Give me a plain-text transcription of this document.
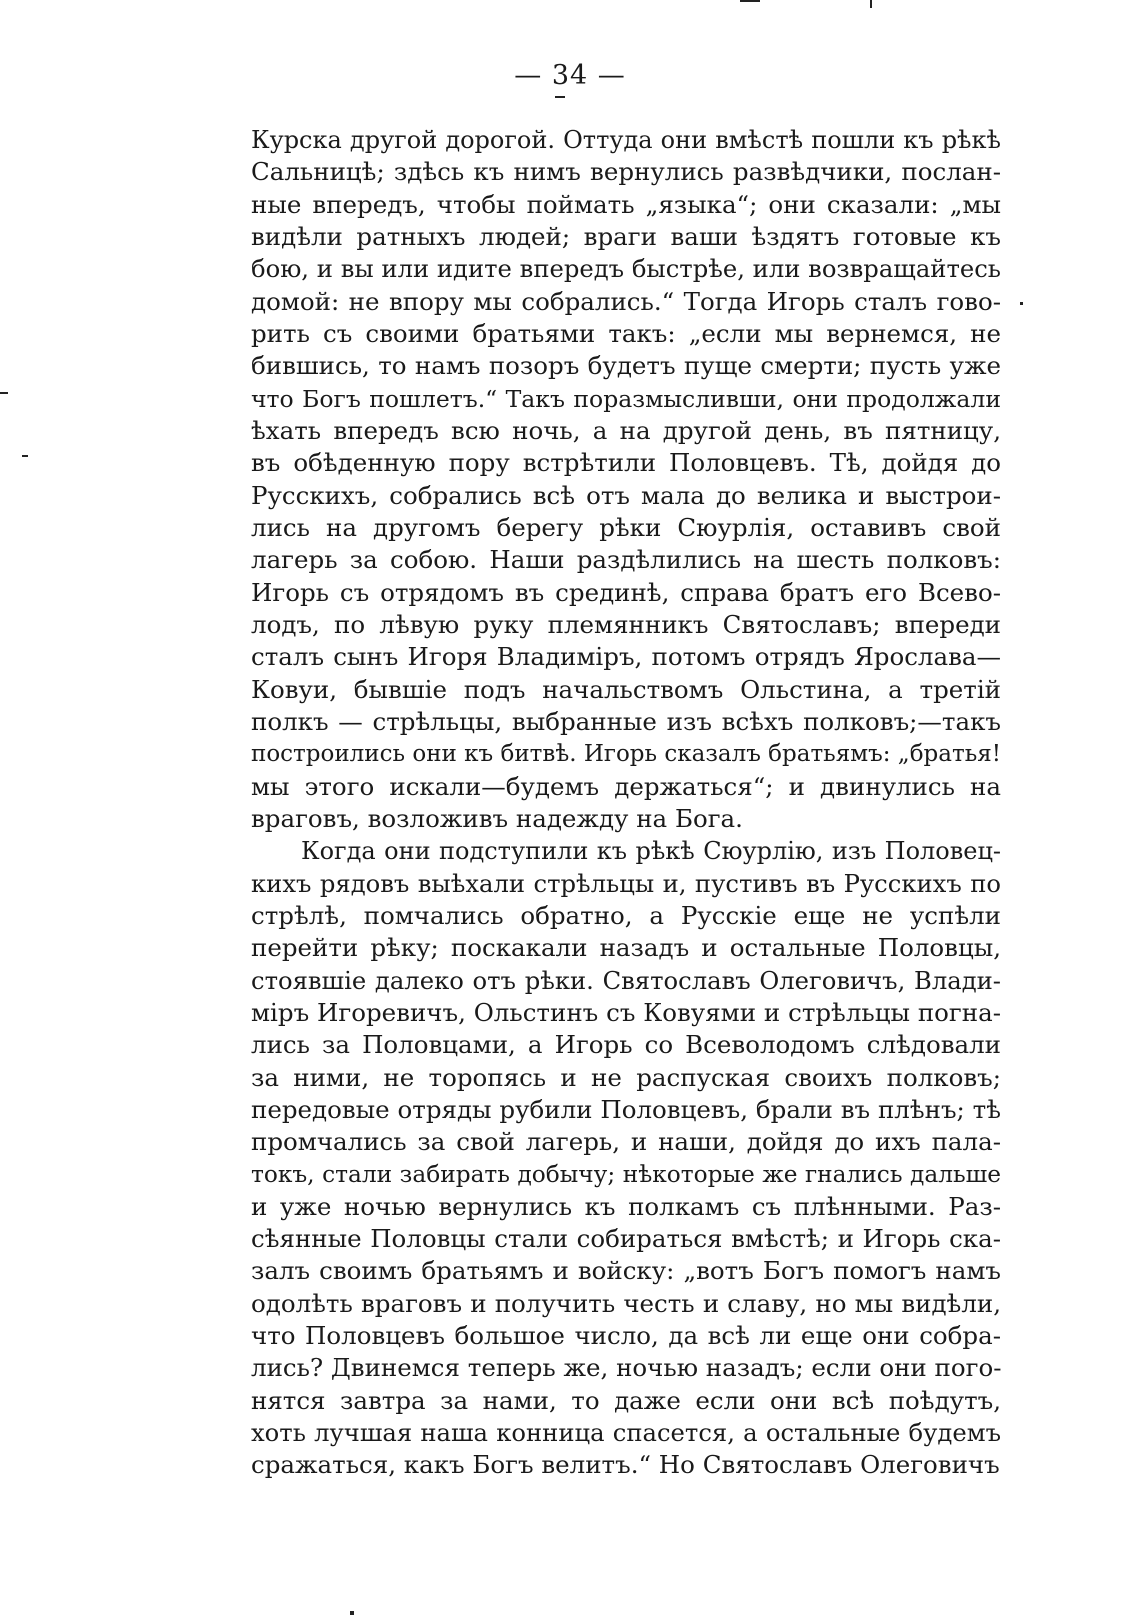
— 34 —
Курска другой дорогой. Оттуда они вмѣстѣ пошли къ рѣкѣ
Сальницѣ; здѣсь къ нимъ вернулись развѣдчики, послан-
ные впередъ, чтобы поймать „языка“; они сказали: „мы
видѣли ратныхъ людей; враги ваши ѣздятъ готовые къ
бою, и вы или идите впередъ быстрѣе, или возвращайтесь
домой: не впору мы собрались.“ Тогда Игорь сталъ гово-
рить съ своими братьями такъ: „если мы вернемся, не
бившись, то намъ позоръ будетъ пуще смерти; пусть уже
что Богъ пошлетъ.“ Такъ поразмысливши, они продолжали
ѣхать впередъ всю ночь, а на другой день, въ пятницу,
въ обѣденную пору встрѣтили Половцевъ. Тѣ, дойдя до
Русскихъ, собрались всѣ отъ мала до велика и выстрои-
лись на другомъ берегу рѣки Сюурлія, оставивъ свой
лагерь за собою. Наши раздѣлились на шесть полковъ:
Игорь съ отрядомъ въ срединѣ, справа братъ его Всево-
лодъ, по лѣвую руку племянникъ Святославъ; впереди
сталъ сынъ Игоря Владиміръ, потомъ отрядъ Ярослава—
Ковуи, бывшіе подъ начальствомъ Ольстина, а третій
полкъ — стрѣльцы, выбранные изъ всѣхъ полковъ;—такъ
построились они къ битвѣ. Игорь сказалъ братьямъ: „братья!
мы этого искали—будемъ держаться“; и двинулись на
враговъ, возложивъ надежду на Бога.
Когда они подступили къ рѣкѣ Сюурлію, изъ Половец-
кихъ рядовъ выѣхали стрѣльцы и, пустивъ въ Русскихъ по
стрѣлѣ, помчались обратно, а Русскіе еще не успѣли
перейти рѣку; поскакали назадъ и остальные Половцы,
стоявшіе далеко отъ рѣки. Святославъ Олеговичъ, Влади-
міръ Игоревичъ, Ольстинъ съ Ковуями и стрѣльцы погна-
лись за Половцами, а Игорь со Всеволодомъ слѣдовали
за ними, не торопясь и не распуская своихъ полковъ;
передовые отряды рубили Половцевъ, брали въ плѣнъ; тѣ
промчались за свой лагерь, и наши, дойдя до ихъ пала-
токъ, стали забирать добычу; нѣкоторые же гнались дальше
и уже ночью вернулись къ полкамъ съ плѣнными. Раз-
сѣянные Половцы стали собираться вмѣстѣ; и Игорь ска-
залъ своимъ братьямъ и войску: „вотъ Богъ помогъ намъ
одолѣть враговъ и получить честь и славу, но мы видѣли,
что Половцевъ большое число, да всѣ ли еще они собра-
лись? Двинемся теперь же, ночью назадъ; если они пого-
нятся завтра за нами, то даже если они всѣ поѣдутъ,
хоть лучшая наша конница спасется, а остальные будемъ
сражаться, какъ Богъ велитъ.“ Но Святославъ Олеговичъ
